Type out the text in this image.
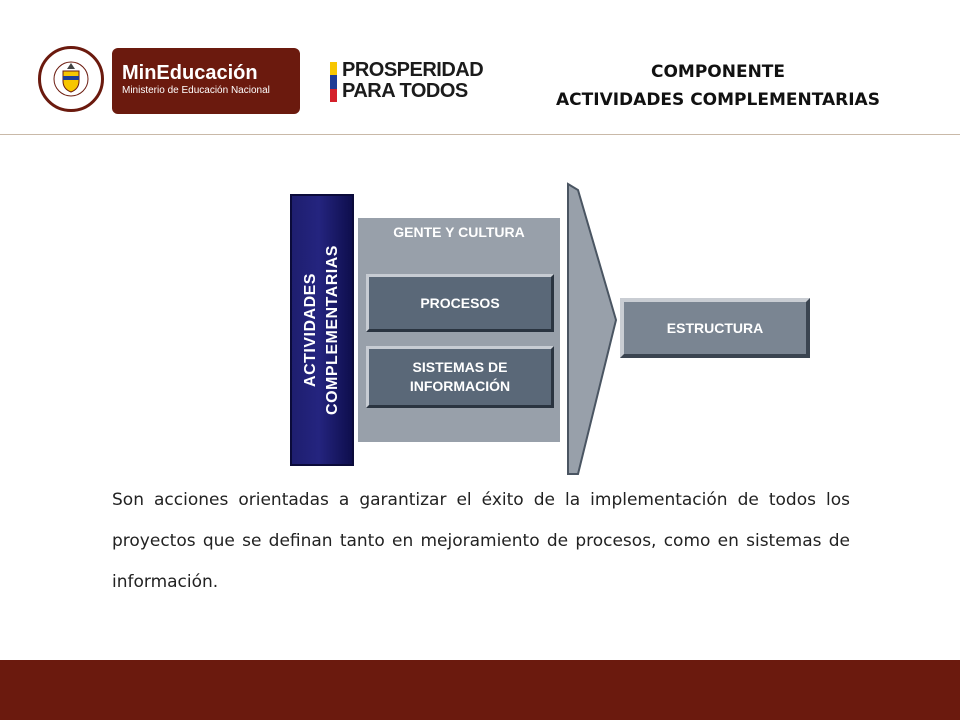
MinEducación
Ministerio de Educación Nacional
PROSPERIDAD
PARA TODOS
COMPONENTE
ACTIVIDADES COMPLEMENTARIAS
ACTIVIDADES COMPLEMENTARIAS
GENTE Y CULTURA
PROCESOS
SISTEMAS DE
INFORMACIÓN
ESTRUCTURA
Son acciones orientadas a garantizar el éxito de la implementación de todos los proyectos que se definan tanto en mejoramiento de procesos, como en sistemas de información.
